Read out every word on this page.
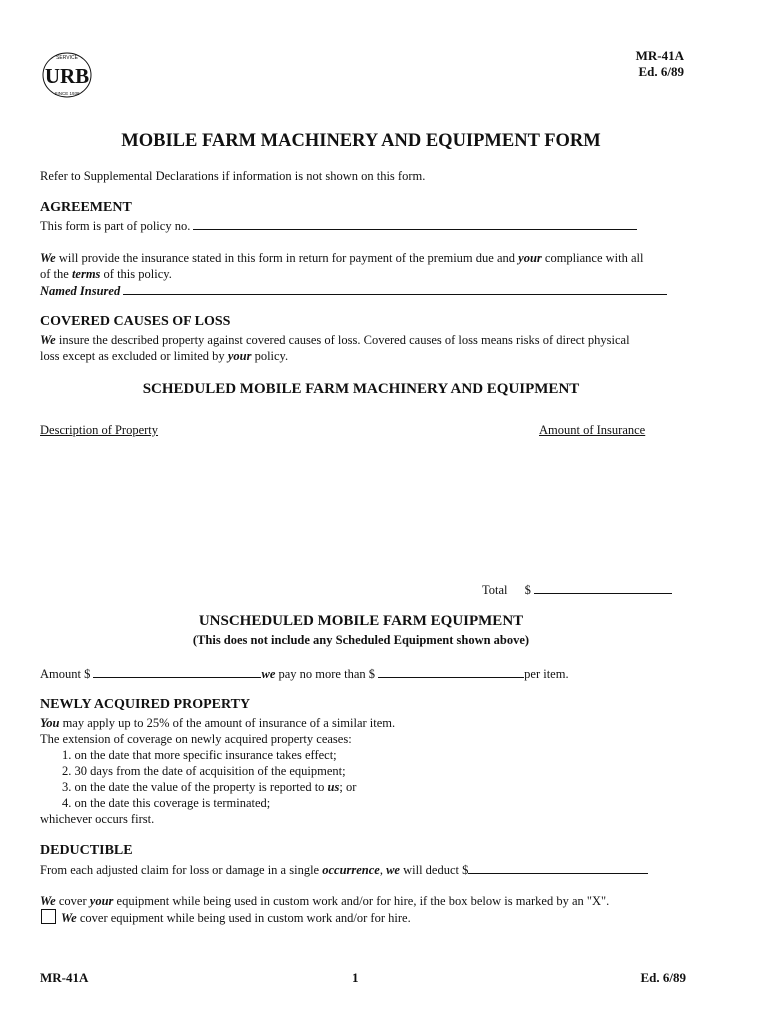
SERVICE
SINCE 1938
URB
MR-41A
Ed. 6/89
MOBILE FARM MACHINERY AND EQUIPMENT FORM
Refer to Supplemental Declarations if information is not shown on this form.
AGREEMENT
This form is part of policy no.
We will provide the insurance stated in this form in return for payment of the premium due and your compliance with all
of the terms of this policy.
Named Insured
COVERED CAUSES OF LOSS
We insure the described property against covered causes of loss. Covered causes of loss means risks of direct physical
loss except as excluded or limited by your policy.
SCHEDULED MOBILE FARM MACHINERY AND EQUIPMENT
Description of Property	Amount of Insurance
Total $
UNSCHEDULED MOBILE FARM EQUIPMENT
(This does not include any Scheduled Equipment shown above)
Amount $	we pay no more than $	per item.
NEWLY ACQUIRED PROPERTY
You may apply up to 25% of the amount of insurance of a similar item.
The extension of coverage on newly acquired property ceases:
1. on the date that more specific insurance takes effect;
2. 30 days from the date of acquisition of the equipment;
3. on the date the value of the property is reported to us; or
4. on the date this coverage is terminated;
whichever occurs first.
DEDUCTIBLE
From each adjusted claim for loss or damage in a single occurrence, we will deduct $
We cover your equipment while being used in custom work and/or for hire, if the box below is marked by an "X".
We cover equipment while being used in custom work and/or for hire.
MR-41A	1	Ed. 6/89
